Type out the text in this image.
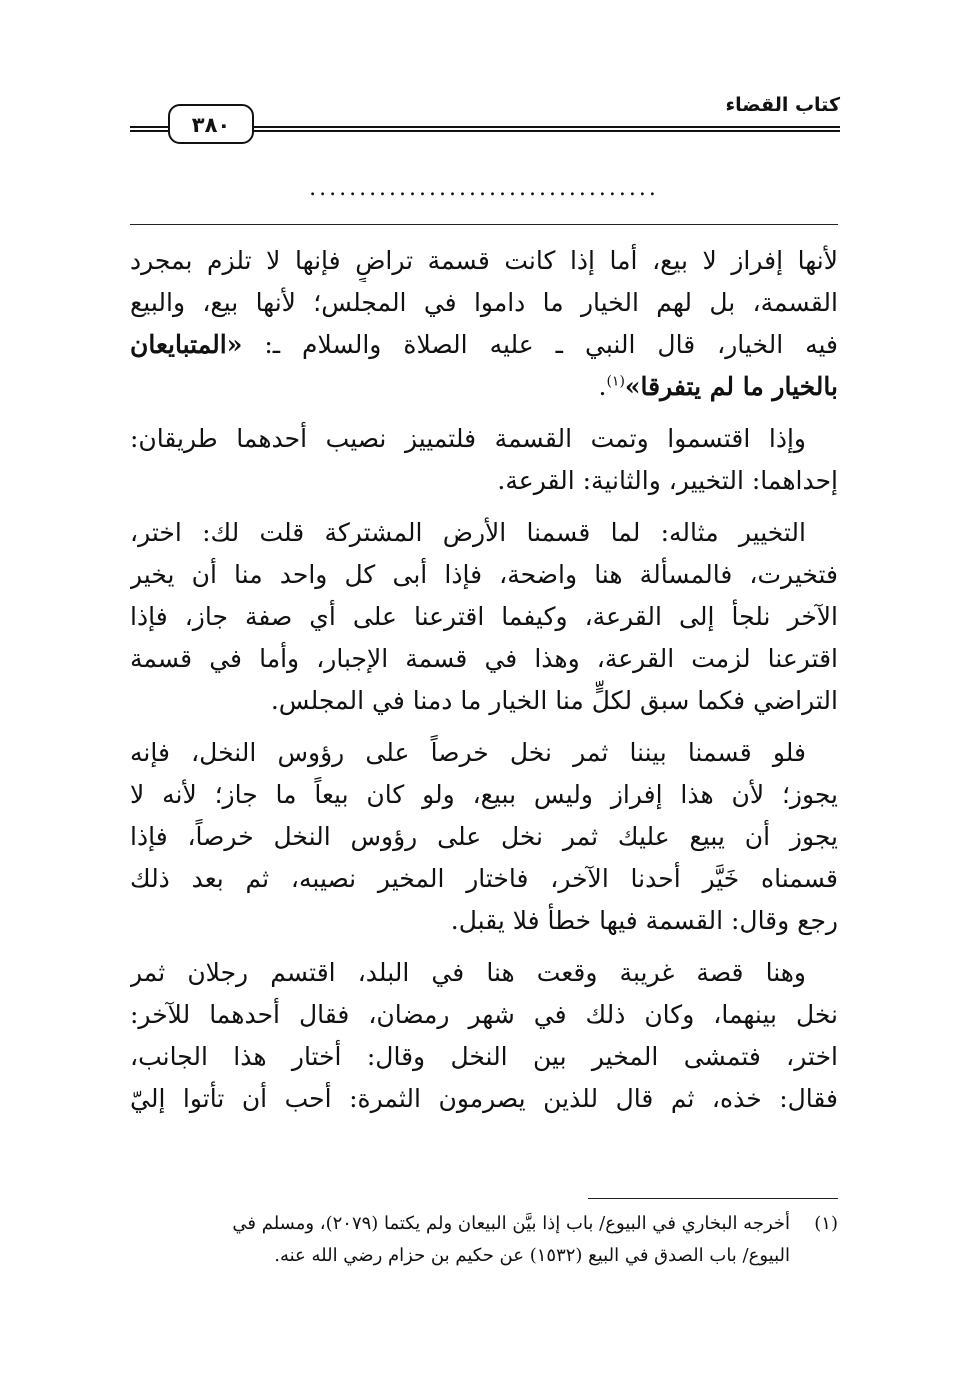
كتاب القضاء
٣٨٠
...................................
لأنها إفراز لا بيع، أما إذا كانت قسمة تراضٍ فإنها لا تلزم بمجرد
القسمة، بل لهم الخيار ما داموا في المجلس؛ لأنها بيع، والبيع
فيه الخيار، قال النبي ـ عليه الصلاة والسلام ـ: «المتبايعان
بالخيار ما لم يتفرقا»$^{(١)}$.
وإذا اقتسموا وتمت القسمة فلتمييز نصيب أحدهما طريقان:
إحداهما: التخيير، والثانية: القرعة.
التخيير مثاله: لما قسمنا الأرض المشتركة قلت لك: اختر،
فتخيرت، فالمسألة هنا واضحة، فإذا أبى كل واحد منا أن يخير
الآخر نلجأ إلى القرعة، وكيفما اقترعنا على أي صفة جاز، فإذا
اقترعنا لزمت القرعة، وهذا في قسمة الإجبار، وأما في قسمة
التراضي فكما سبق لكلٍّ منا الخيار ما دمنا في المجلس.
فلو قسمنا بيننا ثمر نخل خرصاً على رؤوس النخل، فإنه
يجوز؛ لأن هذا إفراز وليس ببيع، ولو كان بيعاً ما جاز؛ لأنه لا
يجوز أن يبيع عليك ثمر نخل على رؤوس النخل خرصاً، فإذا
قسمناه خَيَّر أحدنا الآخر، فاختار المخير نصيبه، ثم بعد ذلك
رجع وقال: القسمة فيها خطأ فلا يقبل.
وهنا قصة غريبة وقعت هنا في البلد، اقتسم رجلان ثمر
نخل بينهما، وكان ذلك في شهر رمضان، فقال أحدهما للآخر:
اختر، فتمشى المخير بين النخل وقال: أختار هذا الجانب،
فقال: خذه، ثم قال للذين يصرمون الثمرة: أحب أن تأتوا إليّ
(١)أخرجه البخاري في البيوع/ باب إذا بيَّن البيعان ولم يكتما (٢٠٧٩)، ومسلم في
البيوع/ باب الصدق في البيع (١٥٣٢) عن حكيم بن حزام رضي الله عنه.
